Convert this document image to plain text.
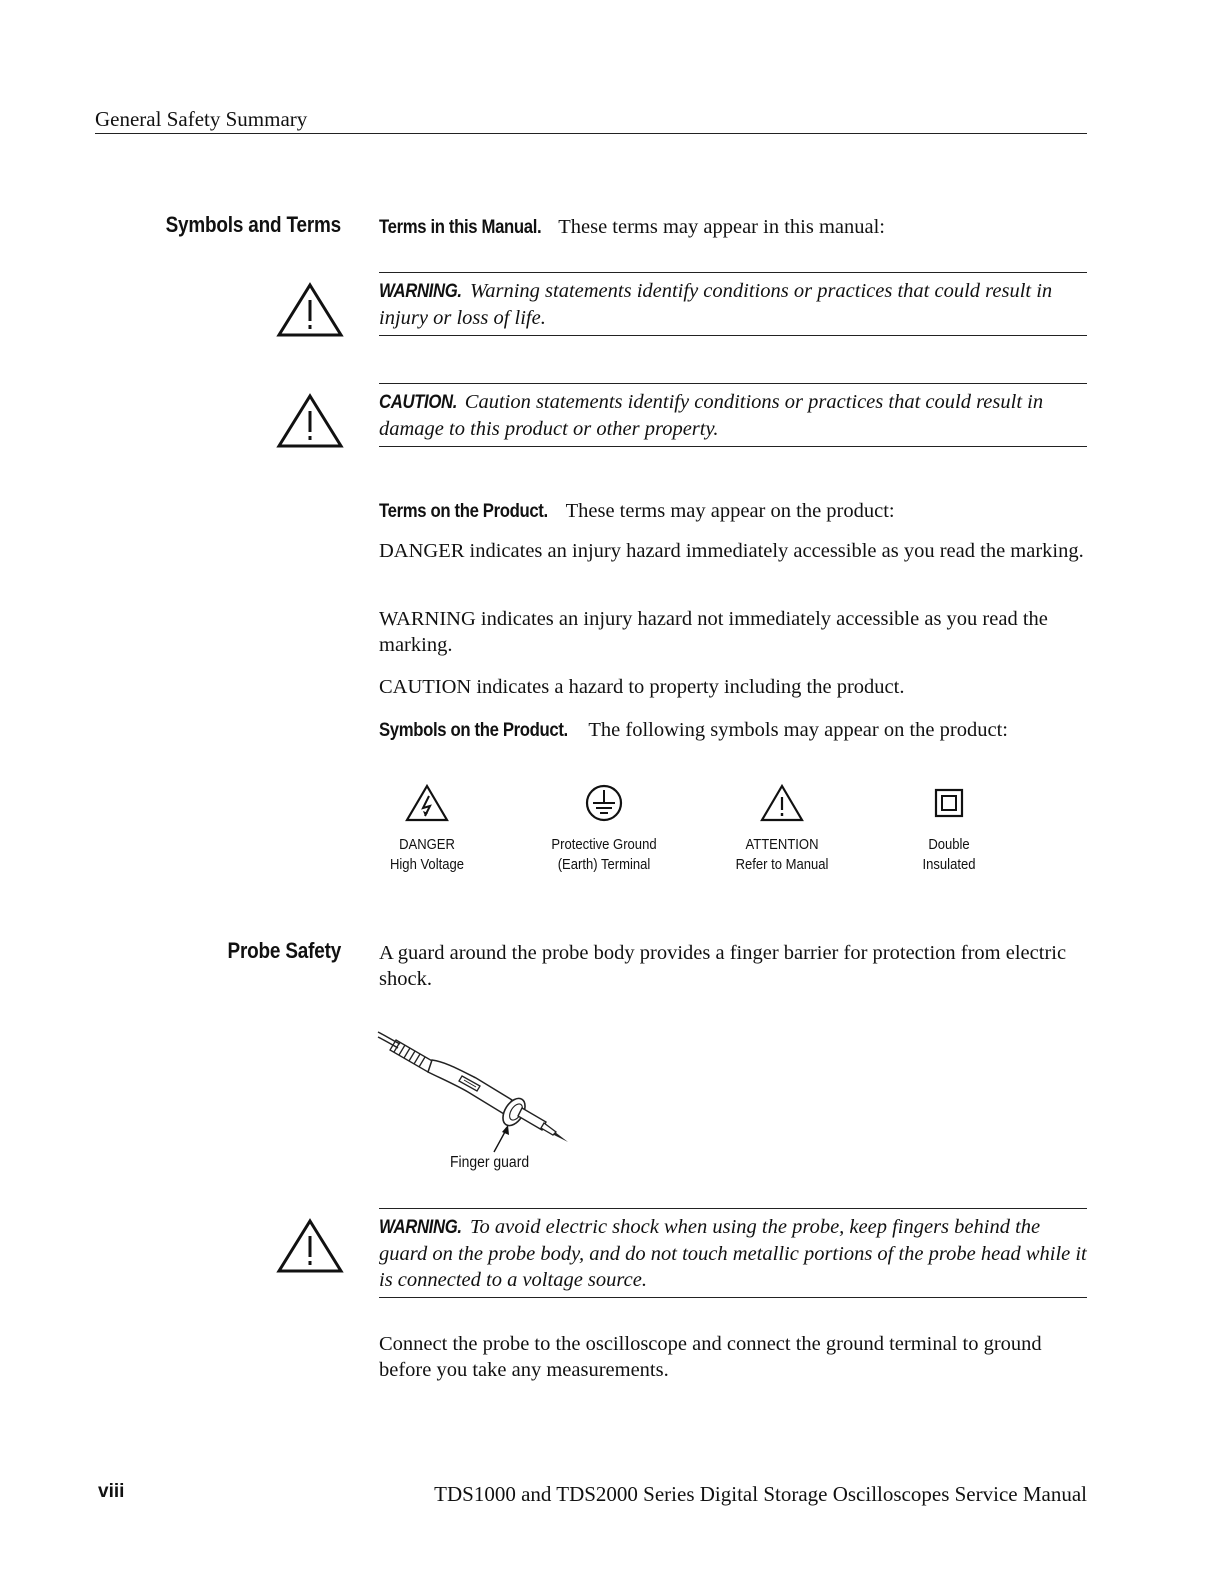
General Safety Summary
Symbols and Terms Terms in this Manual. These terms may appear in this manual:
WARNING. Warning statements identify conditions or practices that could result in injury or loss of life.
CAUTION. Caution statements identify conditions or practices that could result in damage to this product or other property.
Terms on the Product. These terms may appear on the product:
DANGER indicates an injury hazard immediately accessible as you read the marking.
WARNING indicates an injury hazard not immediately accessible as you read the marking.
CAUTION indicates a hazard to property including the product.
Symbols on the Product. The following symbols may appear on the product:
DANGER
High Voltage
Protective Ground
(Earth) Terminal
ATTENTION
Refer to Manual
Double
Insulated
Probe Safety A guard around the probe body provides a finger barrier for protection from electric shock.
Finger guard
WARNING. To avoid electric shock when using the probe, keep fingers behind the guard on the probe body, and do not touch metallic portions of the probe head while it is connected to a voltage source.
Connect the probe to the oscilloscope and connect the ground terminal to ground before you take any measurements.
viii	TDS1000 and TDS2000 Series Digital Storage Oscilloscopes Service Manual
